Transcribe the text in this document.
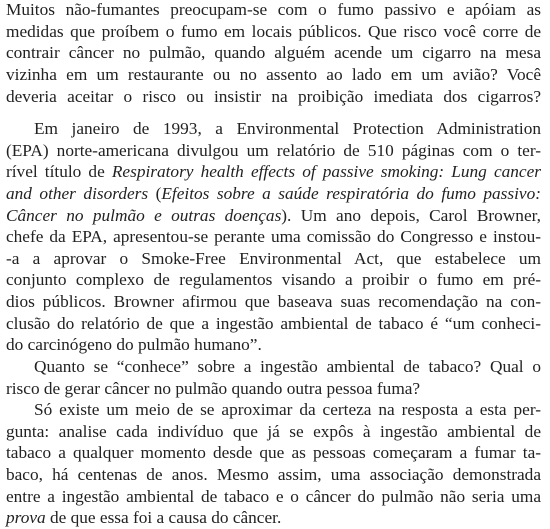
Muitos não-fumantes preocupam-se com o fumo passivo e apóiam as
medidas que proíbem o fumo em locais públicos. Que risco você corre de
contrair câncer no pulmão, quando alguém acende um cigarro na mesa
vizinha em um restaurante ou no assento ao lado em um avião? Você
deveria aceitar o risco ou insistir na proibição imediata dos cigarros?
Em janeiro de 1993, a Environmental Protection Administration
(EPA) norte-americana divulgou um relatório de 510 páginas com o ter-
rível título de Respiratory health effects of passive smoking: Lung cancer
and other disorders (Efeitos sobre a saúde respiratória do fumo passivo:
Câncer no pulmão e outras doenças). Um ano depois, Carol Browner,
chefe da EPA, apresentou-se perante uma comissão do Congresso e instou-
-a a aprovar o Smoke-Free Environmental Act, que estabelece um
conjunto complexo de regulamentos visando a proibir o fumo em pré-
dios públicos. Browner afirmou que baseava suas recomendação na con-
clusão do relatório de que a ingestão ambiental de tabaco é “um conheci-
do carcinógeno do pulmão humano”.
Quanto se “conhece” sobre a ingestão ambiental de tabaco? Qual o
risco de gerar câncer no pulmão quando outra pessoa fuma?
Só existe um meio de se aproximar da certeza na resposta a esta per-
gunta: analise cada indivíduo que já se expôs à ingestão ambiental de
tabaco a qualquer momento desde que as pessoas começaram a fumar ta-
baco, há centenas de anos. Mesmo assim, uma associação demonstrada
entre a ingestão ambiental de tabaco e o câncer do pulmão não seria uma
prova de que essa foi a causa do câncer.
